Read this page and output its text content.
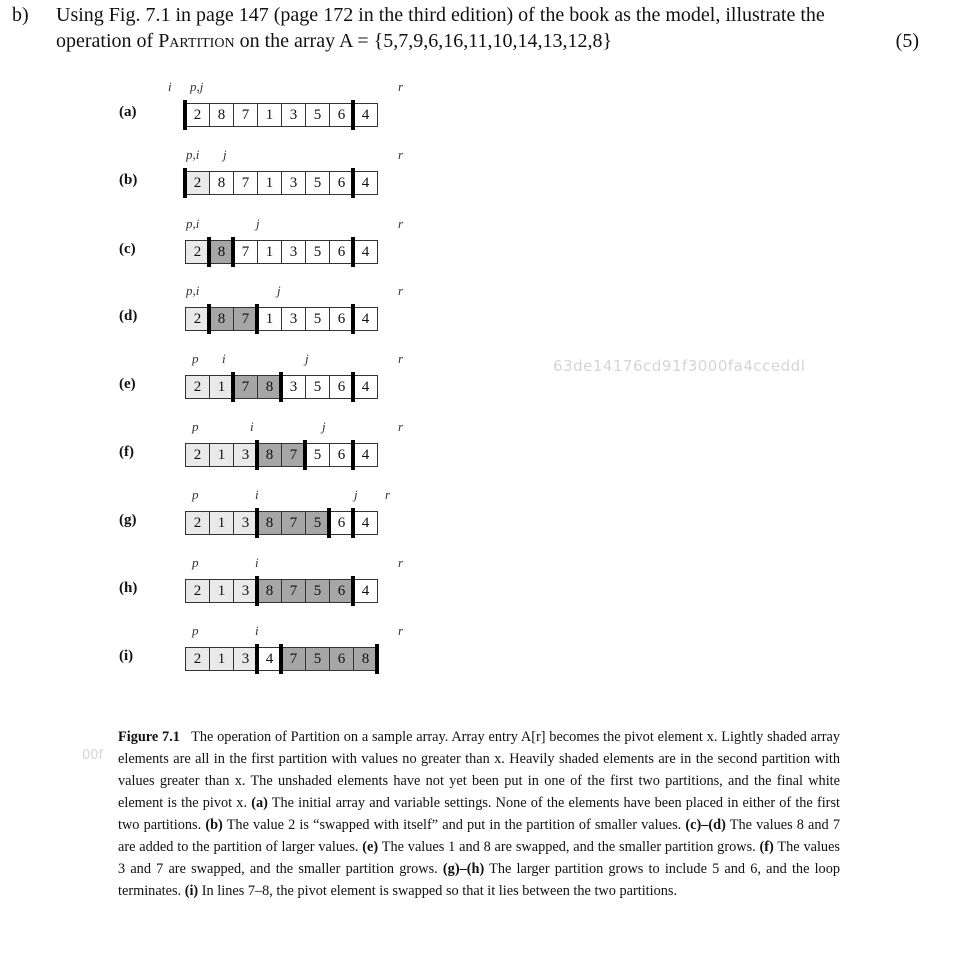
b) Using Fig. 7.1 in page 147 (page 172 in the third edition) of the book as the model, illustrate the
operation of Partition on the array A = {5,7,9,6,16,11,10,14,13,12,8}	(5)
(a)
i p,j	r
2	8	7	1	3	5	6	4
(b)
p,i j	r
2	8	7	1	3	5	6	4
(c)
p,i	j	r
2	8	7	1	3	5	6	4
(d)
p,i	j	r
2	8	7	1	3	5	6	4
(e)
p i	j	r
2	1	7	8	3	5	6	4
(f)
p	i	j	r
2	1	3	8	7	5	6	4
(g)
p	i	j r
2	1	3	8	7	5	6	4
(h)
p	i	r
2	1	3	8	7	5	6	4
(i)
p	i	r
2	1	3	4	7	5	6	8
63de14176cd91f3000fa4cceddl
00f
Figure 7.1 The operation of Partition on a sample array. Array entry A[r] becomes the pivot element x. Lightly shaded array elements are all in the first partition with values no greater than x. Heavily shaded elements are in the second partition with values greater than x. The unshaded elements have not yet been put in one of the first two partitions, and the final white element is the pivot x. (a) The initial array and variable settings. None of the elements have been placed in either of the first two partitions. (b) The value 2 is “swapped with itself” and put in the partition of smaller values. (c)–(d) The values 8 and 7 are added to the partition of larger values. (e) The values 1 and 8 are swapped, and the smaller partition grows. (f) The values 3 and 7 are swapped, and the smaller partition grows. (g)–(h) The larger partition grows to include 5 and 6, and the loop terminates. (i) In lines 7–8, the pivot element is swapped so that it lies between the two partitions.
